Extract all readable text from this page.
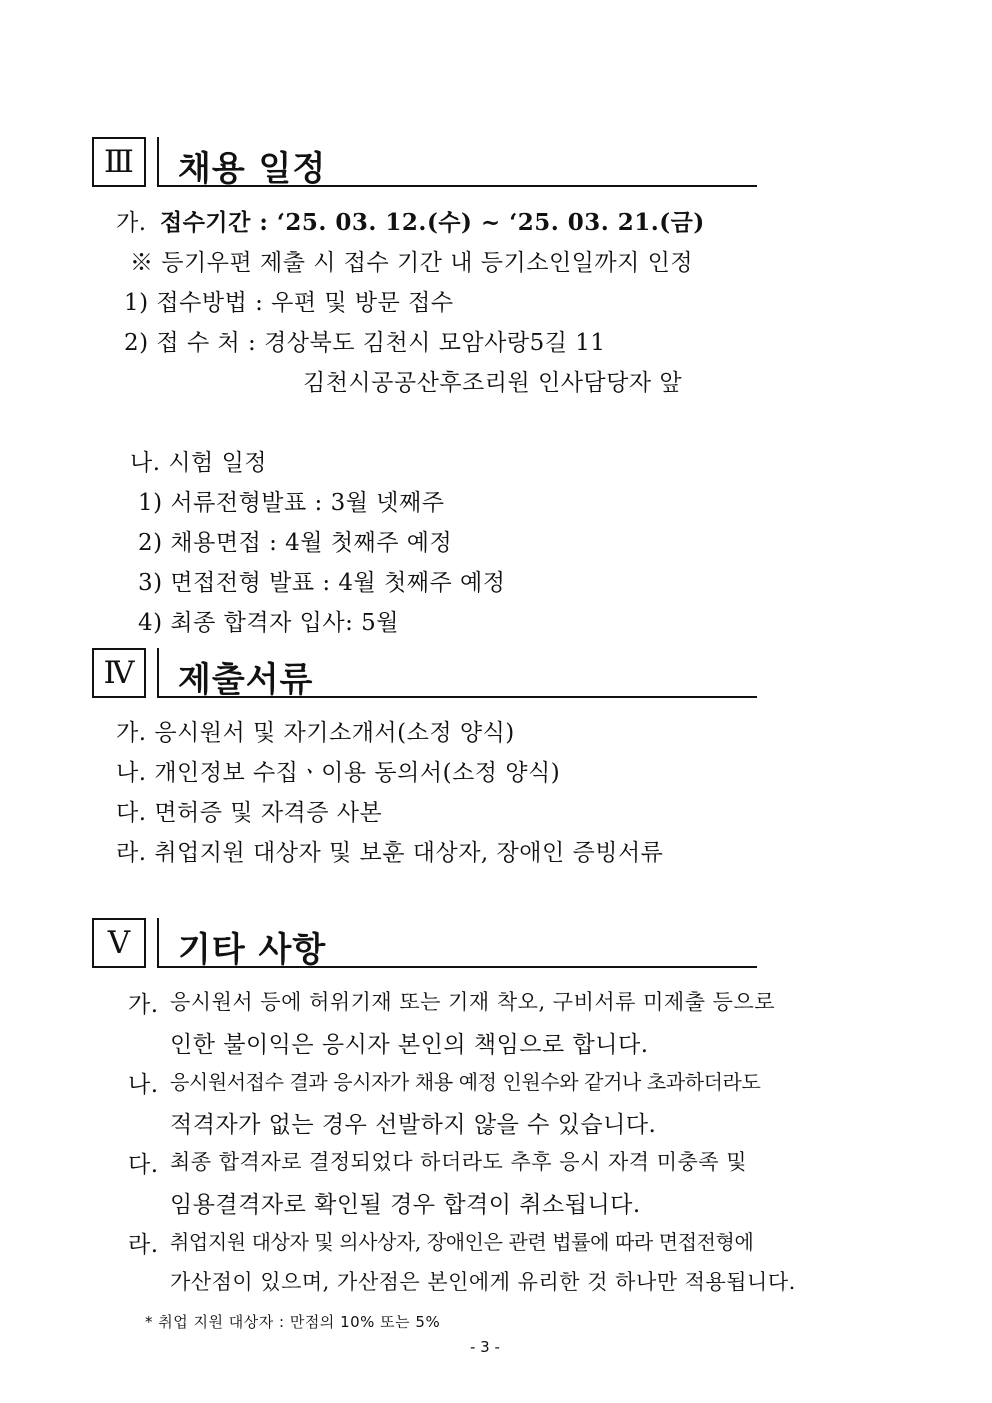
Ⅲ	채용 일정
가. 접수기간 : ‘25. 03. 12.(수) ~ ‘25. 03. 21.(금)
※ 등기우편 제출 시 접수 기간 내 등기소인일까지 인정
1) 접수방법 : 우편 및 방문 접수
2) 접 수 처 : 경상북도 김천시 모암사랑5길 11
김천시공공산후조리원 인사담당자 앞
나. 시험 일정
1) 서류전형발표 : 3월 넷째주
2) 채용면접 : 4월 첫째주 예정
3) 면접전형 발표 : 4월 첫째주 예정
4) 최종 합격자 입사: 5월
Ⅳ	제출서류
가. 응시원서 및 자기소개서(소정 양식)
나. 개인정보 수집ㆍ이용 동의서(소정 양식)
다. 면허증 및 자격증 사본
라. 취업지원 대상자 및 보훈 대상자, 장애인 증빙서류
Ⅴ	기타 사항
가. 응시원서 등에 허위기재 또는 기재 착오, 구비서류 미제출 등으로
인한 불이익은 응시자 본인의 책임으로 합니다.
나. 응시원서접수 결과 응시자가 채용 예정 인원수와 같거나 초과하더라도
적격자가 없는 경우 선발하지 않을 수 있습니다.
다. 최종 합격자로 결정되었다 하더라도 추후 응시 자격 미충족 및
임용결격자로 확인될 경우 합격이 취소됩니다.
라. 취업지원 대상자 및 의사상자, 장애인은 관련 법률에 따라 면접전형에
가산점이 있으며, 가산점은 본인에게 유리한 것 하나만 적용됩니다.
* 취업 지원 대상자 : 만점의 10% 또는 5%
- 3 -
